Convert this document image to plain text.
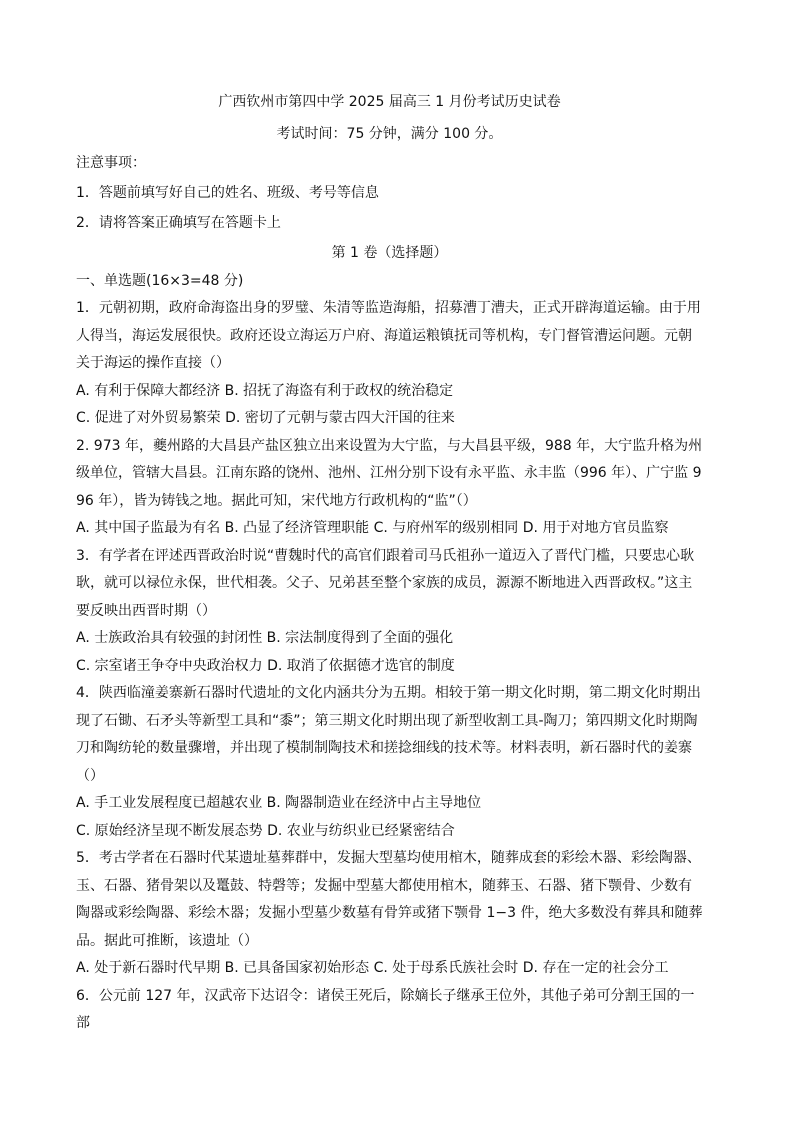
广西钦州市第四中学 2025 届高三 1 月份考试历史试卷
考试时间：75 分钟，满分 100 分。
注意事项：
1．答题前填写好自己的姓名、班级、考号等信息
2．请将答案正确填写在答题卡上
第 1 卷（选择题）
一、单选题(16×3=48 分)

1．元朝初期，政府命海盗出身的罗璧、朱清等监造海船，招募漕丁漕夫，正式开辟海道运输。由于用人得当，海运发展很快。政府还设立海运万户府、海道运粮镇抚司等机构，专门督管漕运问题。元朝关于海运的操作直接（）

A. 有利于保障大都经济 B. 招抚了海盗有利于政权的统治稳定

C. 促进了对外贸易繁荣 D. 密切了元朝与蒙古四大汗国的往来

2. 973 年，夔州路的大昌县产盐区独立出来设置为大宁监，与大昌县平级，988 年，大宁监升格为州级单位，管辖大昌县。江南东路的饶州、池州、江州分别下设有永平监、永丰监（996 年）、广宁监 996 年），皆为铸钱之地。据此可知，宋代地方行政机构的“监”（）

A. 其中国子监最为有名 B. 凸显了经济管理职能 C. 与府州军的级别相同 D. 用于对地方官员监察

3．有学者在评述西晋政治时说“曹魏时代的高官们跟着司马氏祖孙一道迈入了晋代门槛，只要忠心耿耿，就可以禄位永保，世代相袭。父子、兄弟甚至整个家族的成员，源源不断地进入西晋政权。”这主要反映出西晋时期（）

A. 士族政治具有较强的封闭性 B. 宗法制度得到了全面的强化

C. 宗室诸王争夺中央政治权力 D. 取消了依据德才选官的制度

4．陕西临潼姜寨新石器时代遗址的文化内涵共分为五期。相较于第一期文化时期，第二期文化时期出现了石锄、石矛头等新型工具和“黍”；第三期文化时期出现了新型收割工具-陶刀；第四期文化时期陶刀和陶纺轮的数量骤增，并出现了模制制陶技术和搓捻细线的技术等。材料表明，新石器时代的姜寨（）

A. 手工业发展程度已超越农业 B. 陶器制造业在经济中占主导地位

C. 原始经济呈现不断发展态势 D. 农业与纺织业已经紧密结合

5．考古学者在石器时代某遗址墓葬群中，发掘大型墓均使用棺木，随葬成套的彩绘木器、彩绘陶器、玉、石器、猪骨架以及鼍鼓、特磬等；发掘中型墓大都使用棺木，随葬玉、石器、猪下颚骨、少数有陶器或彩绘陶器、彩绘木器；发掘小型墓少数墓有骨笄或猪下颚骨 1−3 件，绝大多数没有葬具和随葬品。据此可推断，该遗址（）

A. 处于新石器时代早期 B. 已具备国家初始形态 C. 处于母系氏族社会时 D. 存在一定的社会分工

6．公元前 127 年，汉武帝下达诏令：诸侯王死后，除嫡长子继承王位外，其他子弟可分割王国的一部
